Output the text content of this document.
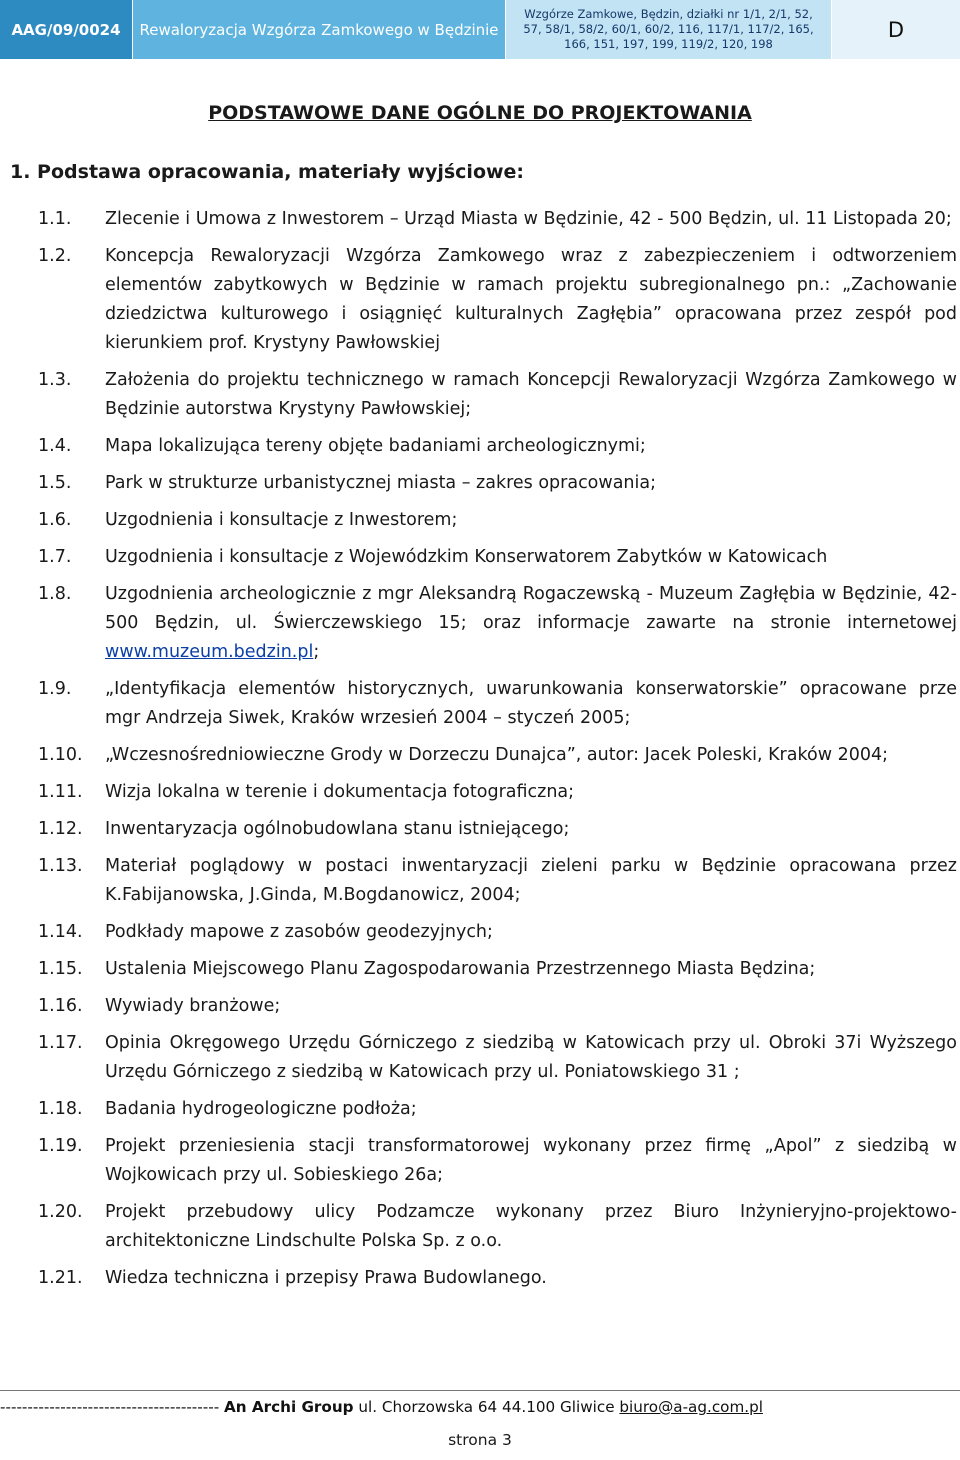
AAG/09/0024	Rewaloryzacja Wzgórza Zamkowego w Będzinie
Wzgórze Zamkowe, Będzin, działki nr 1/1, 2/1, 52, 57, 58/1, 58/2, 60/1, 60/2, 116, 117/1, 117/2, 165, 166, 151, 197, 199, 119/2, 120, 198
D
PODSTAWOWE DANE OGÓLNE DO PROJEKTOWANIA
1. Podstawa opracowania, materiały wyjściowe:
1.1.	Zlecenie i Umowa z Inwestorem – Urząd Miasta w Będzinie, 42 - 500 Będzin, ul. 11 Listopada 20;
1.2.	Koncepcja Rewaloryzacji Wzgórza Zamkowego wraz z zabezpieczeniem i odtworzeniem elementów zabytkowych w Będzinie w ramach projektu subregionalnego pn.: „Zachowanie dziedzictwa kulturowego i osiągnięć kulturalnych Zagłębia” opracowana przez zespół pod kierunkiem prof. Krystyny Pawłowskiej
1.3.	Założenia do projektu technicznego w ramach Koncepcji Rewaloryzacji Wzgórza Zamkowego w Będzinie autorstwa Krystyny Pawłowskiej;
1.4.	Mapa lokalizująca tereny objęte badaniami archeologicznymi;
1.5.	Park w strukturze urbanistycznej miasta – zakres opracowania;
1.6.	Uzgodnienia i konsultacje z Inwestorem;
1.7.	Uzgodnienia i konsultacje z Wojewódzkim Konserwatorem Zabytków w Katowicach
1.8.	Uzgodnienia archeologicznie z mgr Aleksandrą Rogaczewską - Muzeum Zagłębia w Będzinie, 42-500 Będzin, ul. Świerczewskiego 15; oraz informacje zawarte na stronie internetowej www.muzeum.bedzin.pl;
1.9.	„Identyfikacja elementów historycznych, uwarunkowania konserwatorskie” opracowane prze mgr Andrzeja Siwek, Kraków wrzesień 2004 – styczeń 2005;
1.10.	„Wczesnośredniowieczne Grody w Dorzeczu Dunajca”, autor: Jacek Poleski, Kraków 2004;
1.11.	Wizja lokalna w terenie i dokumentacja fotograficzna;
1.12.	Inwentaryzacja ogólnobudowlana stanu istniejącego;
1.13.	Materiał poglądowy w postaci inwentaryzacji zieleni parku w Będzinie opracowana przez K.Fabijanowska, J.Ginda, M.Bogdanowicz, 2004;
1.14.	Podkłady mapowe z zasobów geodezyjnych;
1.15.	Ustalenia Miejscowego Planu Zagospodarowania Przestrzennego Miasta Będzina;
1.16.	Wywiady branżowe;
1.17.	Opinia Okręgowego Urzędu Górniczego z siedzibą w Katowicach przy ul. Obroki 37i Wyższego Urzędu Górniczego z siedzibą w Katowicach przy ul. Poniatowskiego 31 ;
1.18.	Badania hydrogeologiczne podłoża;
1.19.	Projekt przeniesienia stacji transformatorowej wykonany przez firmę „Apol” z siedzibą w Wojkowicach przy ul. Sobieskiego 26a;
1.20.	Projekt przebudowy ulicy Podzamcze wykonany przez Biuro Inżynieryjno-projektowo-architektoniczne Lindschulte Polska Sp. z o.o.
1.21.	Wiedza techniczna i przepisy Prawa Budowlanego.
---------------------------------------- An Archi Group ul. Chorzowska 64 44.100 Gliwice biuro@a-ag.com.pl
strona 3
